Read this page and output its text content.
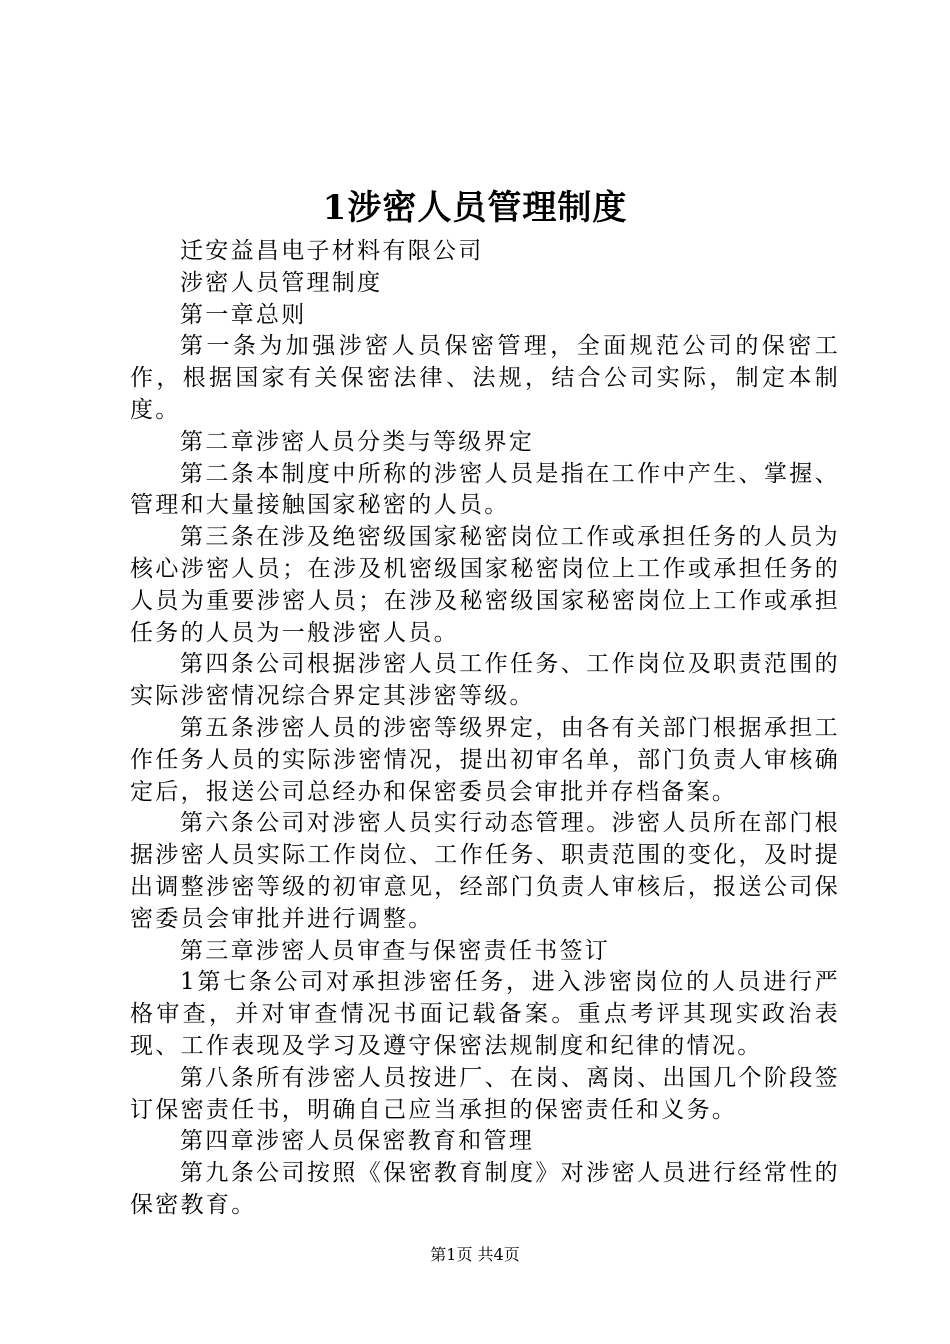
1涉密人员管理制度

迁安益昌电子材料有限公司

涉密人员管理制度

第一章总则

第一条为加强涉密人员保密管理，全面规范公司的保密工作，根据国家有关保密法律、法规，结合公司实际，制定本制度。

第二章涉密人员分类与等级界定

第二条本制度中所称的涉密人员是指在工作中产生、掌握、管理和大量接触国家秘密的人员。

第三条在涉及绝密级国家秘密岗位工作或承担任务的人员为核心涉密人员；在涉及机密级国家秘密岗位上工作或承担任务的人员为重要涉密人员；在涉及秘密级国家秘密岗位上工作或承担任务的人员为一般涉密人员。

第四条公司根据涉密人员工作任务、工作岗位及职责范围的实际涉密情况综合界定其涉密等级。

第五条涉密人员的涉密等级界定，由各有关部门根据承担工作任务人员的实际涉密情况，提出初审名单，部门负责人审核确定后，报送公司总经办和保密委员会审批并存档备案。

第六条公司对涉密人员实行动态管理。涉密人员所在部门根据涉密人员实际工作岗位、工作任务、职责范围的变化，及时提出调整涉密等级的初审意见，经部门负责人审核后，报送公司保密委员会审批并进行调整。

第三章涉密人员审查与保密责任书签订

1第七条公司对承担涉密任务，进入涉密岗位的人员进行严格审查，并对审查情况书面记载备案。重点考评其现实政治表现、工作表现及学习及遵守保密法规制度和纪律的情况。

第八条所有涉密人员按进厂、在岗、离岗、出国几个阶段签订保密责任书，明确自己应当承担的保密责任和义务。

第四章涉密人员保密教育和管理

第九条公司按照《保密教育制度》对涉密人员进行经常性的保密教育。

第1页 共4页
